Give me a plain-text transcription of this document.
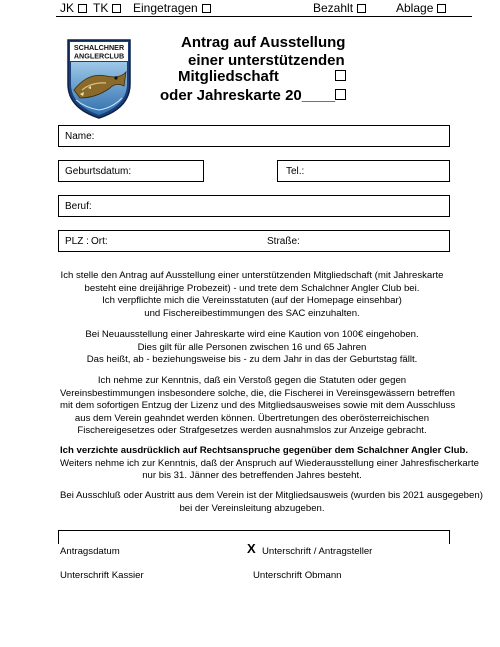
JK	TK	Eingetragen	Bezahlt	Ablage
SCHALCHNER
ANGLERCLUB
Antrag auf Ausstellung
einer unterstützenden
Mitgliedschaft
oder Jahreskarte 20____
Name:
Geburtsdatum:	Tel.:
Beruf:
PLZ : Ort:	Straße:
Ich stelle den Antrag auf Ausstellung einer unterstützenden Mitgliedschaft (mit Jahreskarte
besteht eine dreijährige Probezeit) - und trete dem Schalchner Angler Club bei.
Ich verpflichte mich die Vereinsstatuten (auf der Homepage einsehbar)
und Fischereibestimmungen des SAC einzuhalten.
Bei Neuausstellung einer Jahreskarte wird eine Kaution von 100€ eingehoben.
Dies gilt für alle Personen zwischen 16 und 65 Jahren
Das heißt, ab - beziehungsweise bis - zu dem Jahr in das der Geburtstag fällt.
Ich nehme zur Kenntnis, daß ein Verstoß gegen die Statuten oder gegen
Vereinsbestimmungen insbesondere solche, die, die Fischerei in Vereinsgewässern betreffen
mit dem sofortigen Entzug der Lizenz und des Mitgliedsausweises sowie mit dem Ausschluss
aus dem Verein geahndet werden können. Übertretungen des oberösterreichischen
Fischereigesetzes oder Strafgesetzes werden ausnahmslos zur Anzeige gebracht.
Ich verzichte ausdrücklich auf Rechtsanspruche gegenüber dem Schalchner Angler Club.
Weiters nehme ich zur Kenntnis, daß der Anspruch auf Wiederausstellung einer Jahresfischerkarte
nur bis 31. Jänner des betreffenden Jahres besteht.
Bei Ausschluß oder Austritt aus dem Verein ist der Mitgliedsausweis (wurden bis 2021 ausgegeben)
bei der Vereinsleitung abzugeben.
Antragsdatum	X Unterschrift / Antragsteller
Unterschrift Kassier	Unterschrift Obmann
